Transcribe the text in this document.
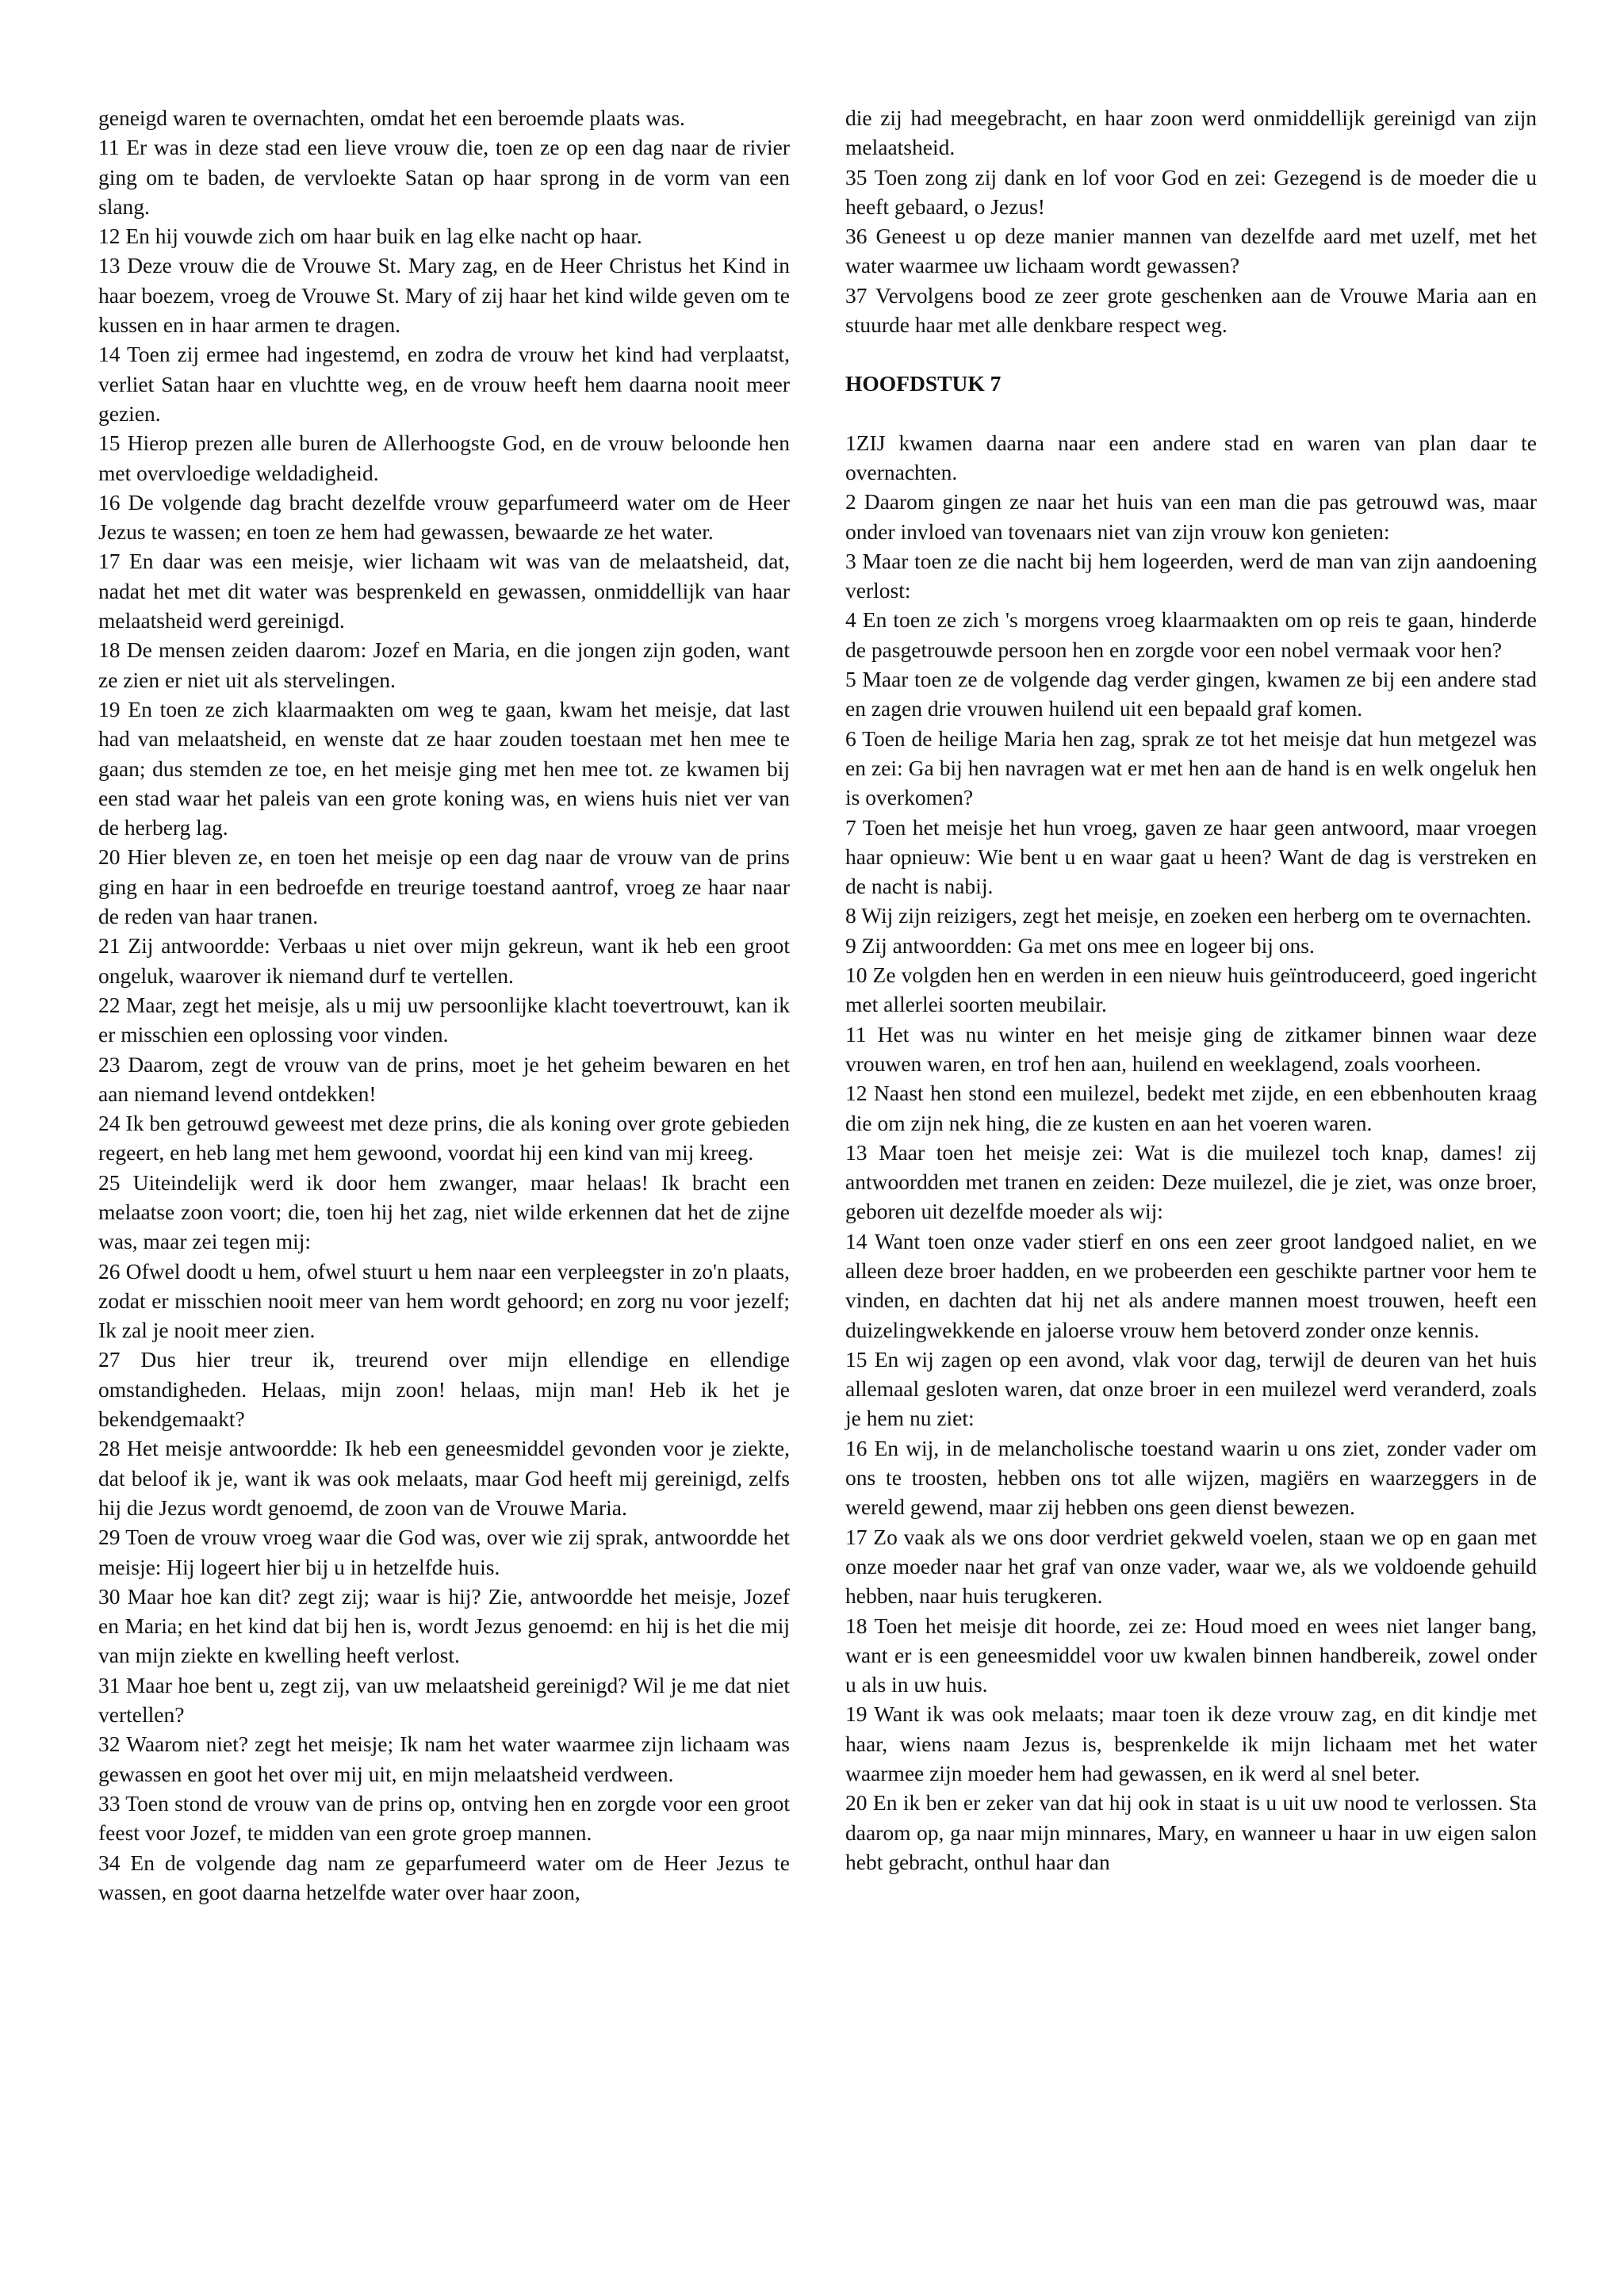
geneigd waren te overnachten, omdat het een beroemde plaats was.

11 Er was in deze stad een lieve vrouw die, toen ze op een dag naar de rivier ging om te baden, de vervloekte Satan op haar sprong in de vorm van een slang.

12 En hij vouwde zich om haar buik en lag elke nacht op haar.

13 Deze vrouw die de Vrouwe St. Mary zag, en de Heer Christus het Kind in haar boezem, vroeg de Vrouwe St. Mary of zij haar het kind wilde geven om te kussen en in haar armen te dragen.

14 Toen zij ermee had ingestemd, en zodra de vrouw het kind had verplaatst, verliet Satan haar en vluchtte weg, en de vrouw heeft hem daarna nooit meer gezien.

15 Hierop prezen alle buren de Allerhoogste God, en de vrouw beloonde hen met overvloedige weldadigheid.

16 De volgende dag bracht dezelfde vrouw geparfumeerd water om de Heer Jezus te wassen; en toen ze hem had gewassen, bewaarde ze het water.

17 En daar was een meisje, wier lichaam wit was van de melaatsheid, dat, nadat het met dit water was besprenkeld en gewassen, onmiddellijk van haar melaatsheid werd gereinigd.

18 De mensen zeiden daarom: Jozef en Maria, en die jongen zijn goden, want ze zien er niet uit als stervelingen.

19 En toen ze zich klaarmaakten om weg te gaan, kwam het meisje, dat last had van melaatsheid, en wenste dat ze haar zouden toestaan met hen mee te gaan; dus stemden ze toe, en het meisje ging met hen mee tot. ze kwamen bij een stad waar het paleis van een grote koning was, en wiens huis niet ver van de herberg lag.

20 Hier bleven ze, en toen het meisje op een dag naar de vrouw van de prins ging en haar in een bedroefde en treurige toestand aantrof, vroeg ze haar naar de reden van haar tranen.

21 Zij antwoordde: Verbaas u niet over mijn gekreun, want ik heb een groot ongeluk, waarover ik niemand durf te vertellen.

22 Maar, zegt het meisje, als u mij uw persoonlijke klacht toevertrouwt, kan ik er misschien een oplossing voor vinden.

23 Daarom, zegt de vrouw van de prins, moet je het geheim bewaren en het aan niemand levend ontdekken!

24 Ik ben getrouwd geweest met deze prins, die als koning over grote gebieden regeert, en heb lang met hem gewoond, voordat hij een kind van mij kreeg.

25 Uiteindelijk werd ik door hem zwanger, maar helaas! Ik bracht een melaatse zoon voort; die, toen hij het zag, niet wilde erkennen dat het de zijne was, maar zei tegen mij:

26 Ofwel doodt u hem, ofwel stuurt u hem naar een verpleegster in zo'n plaats, zodat er misschien nooit meer van hem wordt gehoord; en zorg nu voor jezelf; Ik zal je nooit meer zien.

27 Dus hier treur ik, treurend over mijn ellendige en ellendige omstandigheden. Helaas, mijn zoon! helaas, mijn man! Heb ik het je bekendgemaakt?

28 Het meisje antwoordde: Ik heb een geneesmiddel gevonden voor je ziekte, dat beloof ik je, want ik was ook melaats, maar God heeft mij gereinigd, zelfs hij die Jezus wordt genoemd, de zoon van de Vrouwe Maria.

29 Toen de vrouw vroeg waar die God was, over wie zij sprak, antwoordde het meisje: Hij logeert hier bij u in hetzelfde huis.

30 Maar hoe kan dit? zegt zij; waar is hij? Zie, antwoordde het meisje, Jozef en Maria; en het kind dat bij hen is, wordt Jezus genoemd: en hij is het die mij van mijn ziekte en kwelling heeft verlost.

31 Maar hoe bent u, zegt zij, van uw melaatsheid gereinigd? Wil je me dat niet vertellen?

32 Waarom niet? zegt het meisje; Ik nam het water waarmee zijn lichaam was gewassen en goot het over mij uit, en mijn melaatsheid verdween.

33 Toen stond de vrouw van de prins op, ontving hen en zorgde voor een groot feest voor Jozef, te midden van een grote groep mannen.

34 En de volgende dag nam ze geparfumeerd water om de Heer Jezus te wassen, en goot daarna hetzelfde water over haar zoon,

die zij had meegebracht, en haar zoon werd onmiddellijk gereinigd van zijn melaatsheid.

35 Toen zong zij dank en lof voor God en zei: Gezegend is de moeder die u heeft gebaard, o Jezus!

36 Geneest u op deze manier mannen van dezelfde aard met uzelf, met het water waarmee uw lichaam wordt gewassen?

37 Vervolgens bood ze zeer grote geschenken aan de Vrouwe Maria aan en stuurde haar met alle denkbare respect weg.

HOOFDSTUK 7

1ZIJ kwamen daarna naar een andere stad en waren van plan daar te overnachten.

2 Daarom gingen ze naar het huis van een man die pas getrouwd was, maar onder invloed van tovenaars niet van zijn vrouw kon genieten:

3 Maar toen ze die nacht bij hem logeerden, werd de man van zijn aandoening verlost:

4 En toen ze zich 's morgens vroeg klaarmaakten om op reis te gaan, hinderde de pasgetrouwde persoon hen en zorgde voor een nobel vermaak voor hen?

5 Maar toen ze de volgende dag verder gingen, kwamen ze bij een andere stad en zagen drie vrouwen huilend uit een bepaald graf komen.

6 Toen de heilige Maria hen zag, sprak ze tot het meisje dat hun metgezel was en zei: Ga bij hen navragen wat er met hen aan de hand is en welk ongeluk hen is overkomen?

7 Toen het meisje het hun vroeg, gaven ze haar geen antwoord, maar vroegen haar opnieuw: Wie bent u en waar gaat u heen? Want de dag is verstreken en de nacht is nabij.

8 Wij zijn reizigers, zegt het meisje, en zoeken een herberg om te overnachten.

9 Zij antwoordden: Ga met ons mee en logeer bij ons.

10 Ze volgden hen en werden in een nieuw huis geïntroduceerd, goed ingericht met allerlei soorten meubilair.

11 Het was nu winter en het meisje ging de zitkamer binnen waar deze vrouwen waren, en trof hen aan, huilend en weeklagend, zoals voorheen.

12 Naast hen stond een muilezel, bedekt met zijde, en een ebbenhouten kraag die om zijn nek hing, die ze kusten en aan het voeren waren.

13 Maar toen het meisje zei: Wat is die muilezel toch knap, dames! zij antwoordden met tranen en zeiden: Deze muilezel, die je ziet, was onze broer, geboren uit dezelfde moeder als wij:

14 Want toen onze vader stierf en ons een zeer groot landgoed naliet, en we alleen deze broer hadden, en we probeerden een geschikte partner voor hem te vinden, en dachten dat hij net als andere mannen moest trouwen, heeft een duizelingwekkende en jaloerse vrouw hem betoverd zonder onze kennis.

15 En wij zagen op een avond, vlak voor dag, terwijl de deuren van het huis allemaal gesloten waren, dat onze broer in een muilezel werd veranderd, zoals je hem nu ziet:

16 En wij, in de melancholische toestand waarin u ons ziet, zonder vader om ons te troosten, hebben ons tot alle wijzen, magiërs en waarzeggers in de wereld gewend, maar zij hebben ons geen dienst bewezen.

17 Zo vaak als we ons door verdriet gekweld voelen, staan we op en gaan met onze moeder naar het graf van onze vader, waar we, als we voldoende gehuild hebben, naar huis terugkeren.

18 Toen het meisje dit hoorde, zei ze: Houd moed en wees niet langer bang, want er is een geneesmiddel voor uw kwalen binnen handbereik, zowel onder u als in uw huis.

19 Want ik was ook melaats; maar toen ik deze vrouw zag, en dit kindje met haar, wiens naam Jezus is, besprenkelde ik mijn lichaam met het water waarmee zijn moeder hem had gewassen, en ik werd al snel beter.

20 En ik ben er zeker van dat hij ook in staat is u uit uw nood te verlossen. Sta daarom op, ga naar mijn minnares, Mary, en wanneer u haar in uw eigen salon hebt gebracht, onthul haar dan
